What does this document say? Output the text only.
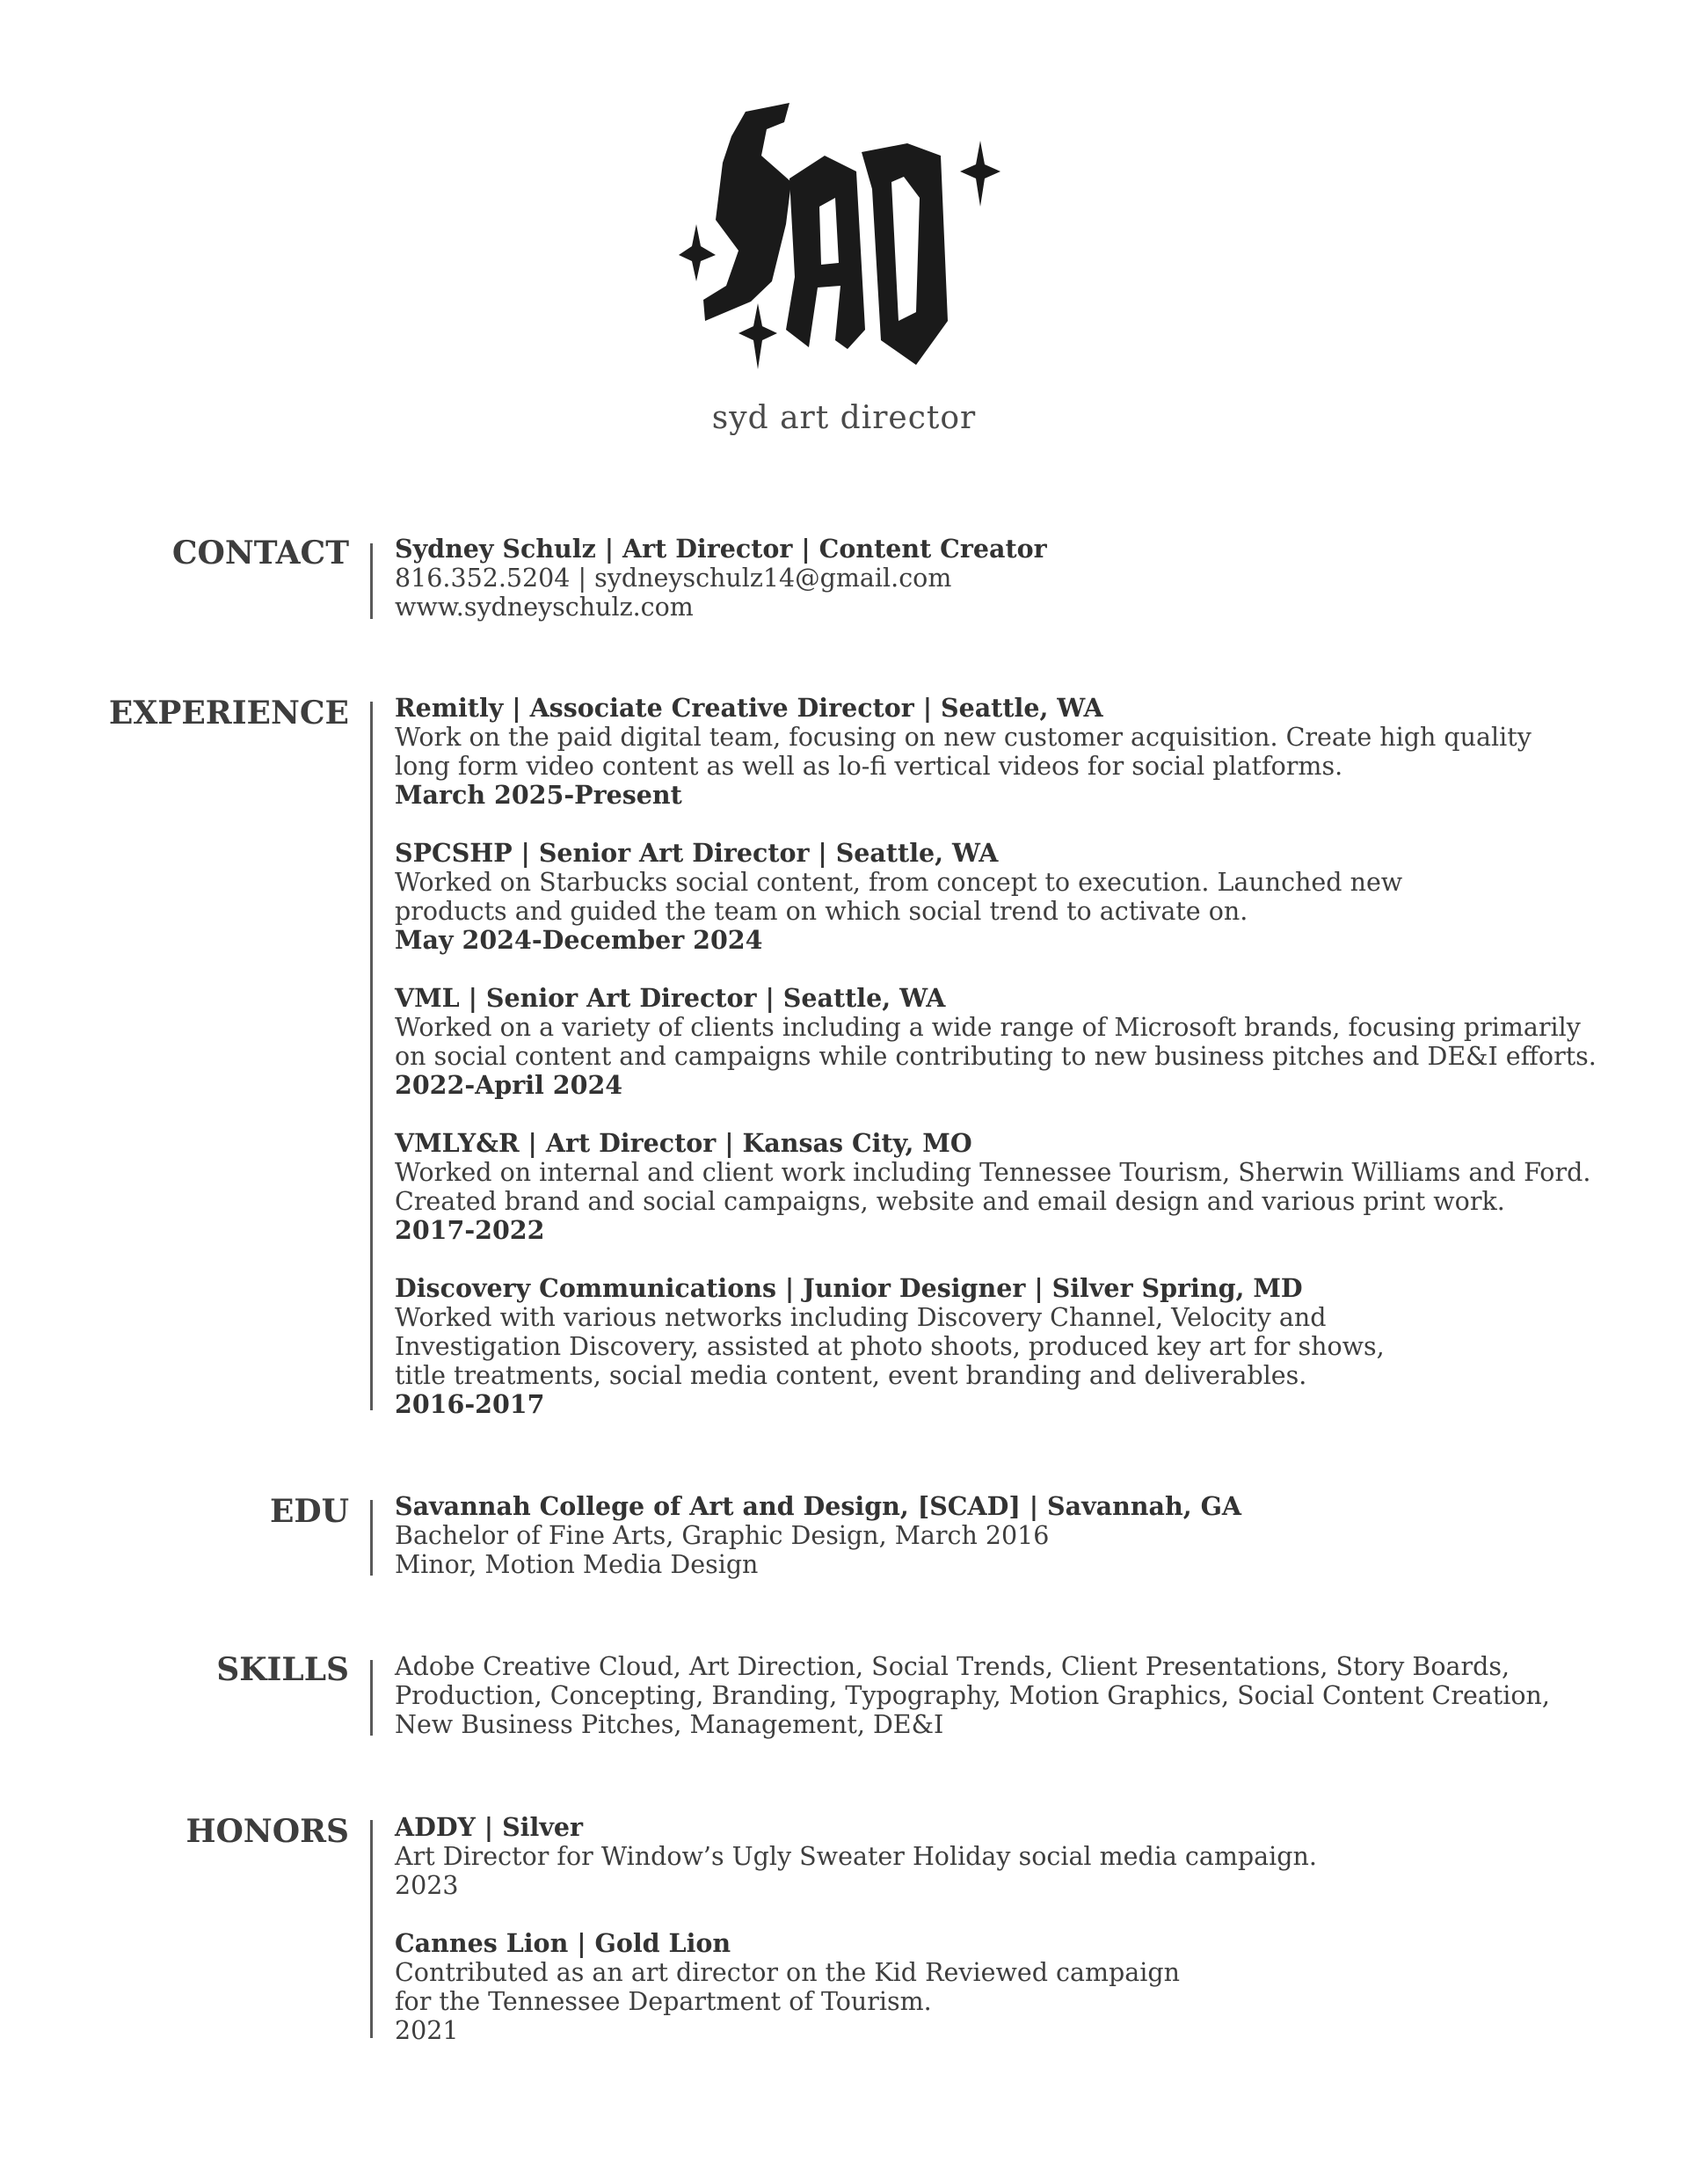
syd art director
CONTACT Sydney Schulz | Art Director | Content Creator
816.352.5204 | sydneyschulz14@gmail.com
www.sydneyschulz.com
EXPERIENCE Remitly | Associate Creative Director | Seattle, WA
Work on the paid digital team, focusing on new customer acquisition. Create high quality
long form video content as well as lo-fi vertical videos for social platforms.
March 2025-Present
SPCSHP | Senior Art Director | Seattle, WA
Worked on Starbucks social content, from concept to execution. Launched new
products and guided the team on which social trend to activate on.
May 2024-December 2024
VML | Senior Art Director | Seattle, WA
Worked on a variety of clients including a wide range of Microsoft brands, focusing primarily
on social content and campaigns while contributing to new business pitches and DE&I efforts.
2022-April 2024
VMLY&R | Art Director | Kansas City, MO
Worked on internal and client work including Tennessee Tourism, Sherwin Williams and Ford.
Created brand and social campaigns, website and email design and various print work.
2017-2022
Discovery Communications | Junior Designer | Silver Spring, MD
Worked with various networks including Discovery Channel, Velocity and
Investigation Discovery, assisted at photo shoots, produced key art for shows,
title treatments, social media content, event branding and deliverables.
2016-2017
EDU Savannah College of Art and Design, [SCAD] | Savannah, GA
Bachelor of Fine Arts, Graphic Design, March 2016
Minor, Motion Media Design
SKILLS Adobe Creative Cloud, Art Direction, Social Trends, Client Presentations, Story Boards,
Production, Concepting, Branding, Typography, Motion Graphics, Social Content Creation,
New Business Pitches, Management, DE&I
HONORS ADDY | Silver
Art Director for Window’s Ugly Sweater Holiday social media campaign.
2023
Cannes Lion | Gold Lion
Contributed as an art director on the Kid Reviewed campaign
for the Tennessee Department of Tourism.
2021
